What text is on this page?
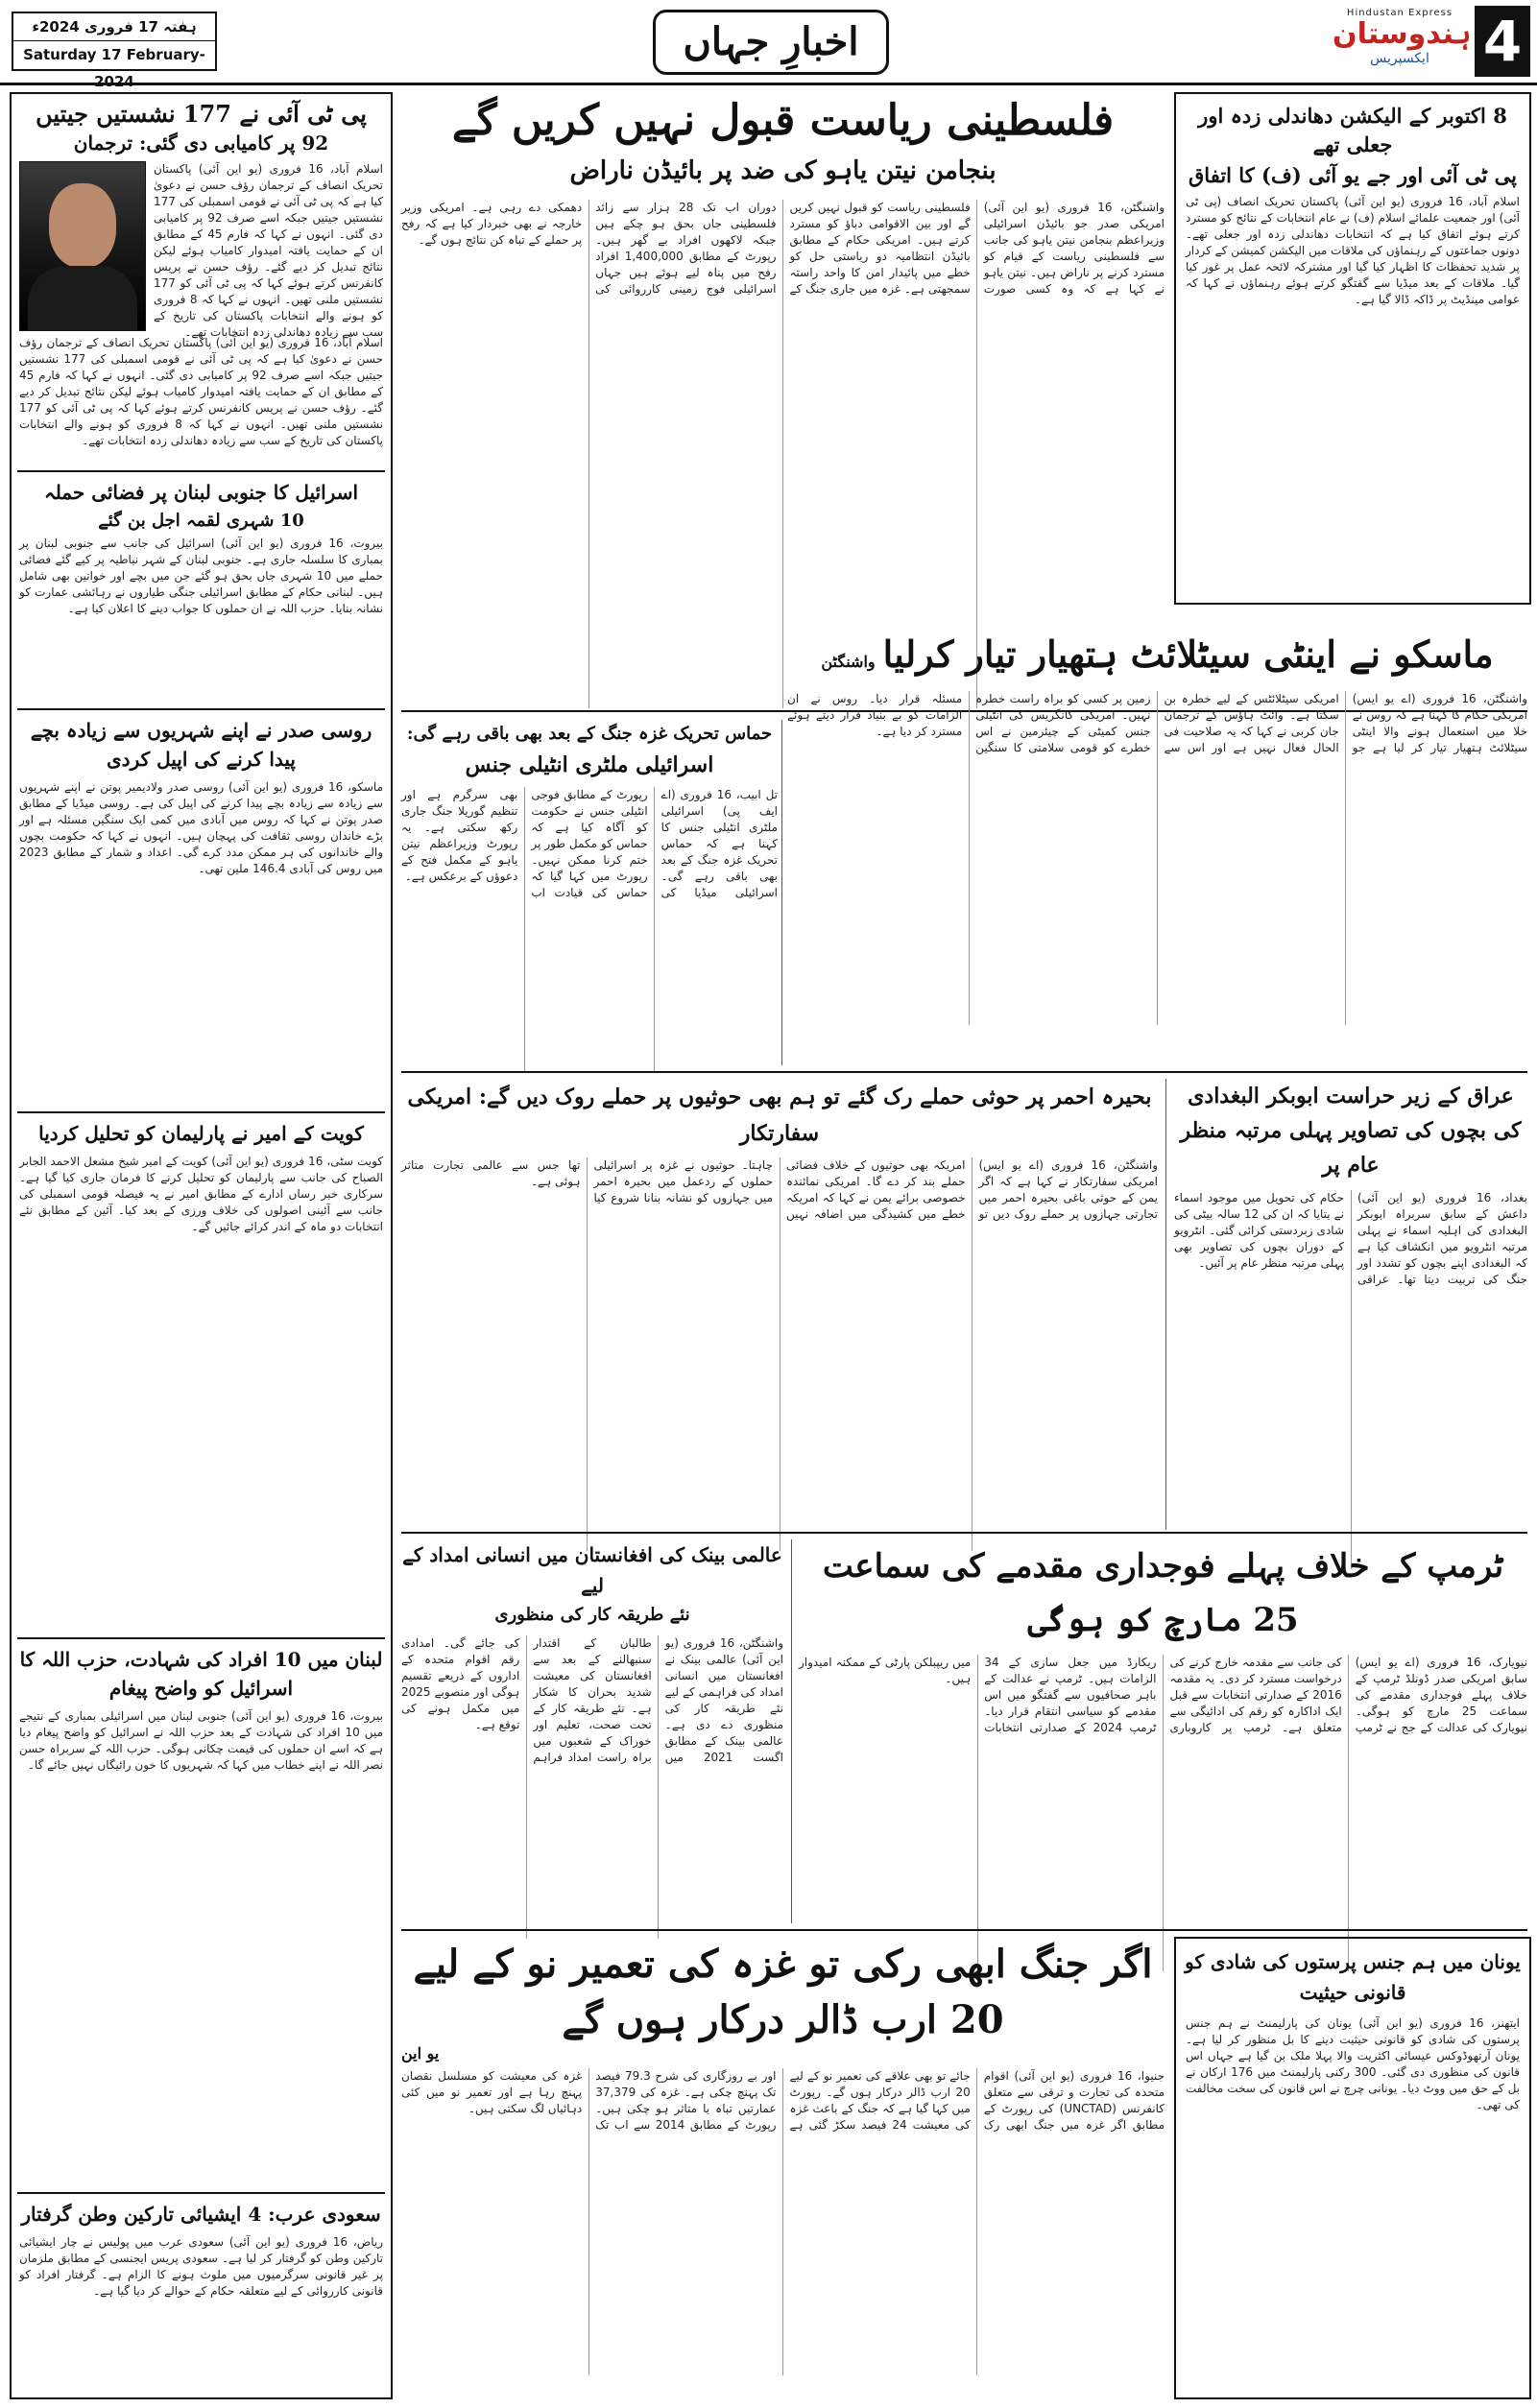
ہفتہ 17 فروری 2024ء
Saturday 17 February-2024
اخبارِ جہاں
Hindustan Express
ہندوستان
ایکسپریس 4
پی ٹی آئی نے 177 نشستیں جیتیں
92 پر کامیابی دی گئی: ترجمان
اسلام آباد، 16 فروری (یو این آئی) پاکستان تحریک انصاف کے ترجمان رؤف حسن نے دعویٰ کیا ہے کہ پی ٹی آئی نے قومی اسمبلی کی 177 نشستیں جیتیں جبکہ اسے صرف 92 پر کامیابی دی گئی۔ انہوں نے کہا کہ فارم 45 کے مطابق ان کے حمایت یافتہ امیدوار کامیاب ہوئے لیکن نتائج تبدیل کر دیے گئے۔ رؤف حسن نے پریس کانفرنس کرتے ہوئے کہا کہ پی ٹی آئی کو 177 نشستیں ملنی تھیں۔ انہوں نے کہا کہ 8 فروری کو ہونے والے انتخابات پاکستان کی تاریخ کے سب سے زیادہ دھاندلی زدہ انتخابات تھے۔
اسلام آباد، 16 فروری (یو این آئی) پاکستان تحریک انصاف کے ترجمان رؤف حسن نے دعویٰ کیا ہے کہ پی ٹی آئی نے قومی اسمبلی کی 177 نشستیں جیتیں جبکہ اسے صرف 92 پر کامیابی دی گئی۔ انہوں نے کہا کہ فارم 45 کے مطابق ان کے حمایت یافتہ امیدوار کامیاب ہوئے لیکن نتائج تبدیل کر دیے گئے۔ رؤف حسن نے پریس کانفرنس کرتے ہوئے کہا کہ پی ٹی آئی کو 177 نشستیں ملنی تھیں۔ انہوں نے کہا کہ 8 فروری کو ہونے والے انتخابات پاکستان کی تاریخ کے سب سے زیادہ دھاندلی زدہ انتخابات تھے۔
اسرائیل کا جنوبی لبنان پر فضائی حملہ
10 شہری لقمہ اجل بن گئے
بیروت، 16 فروری (یو این آئی) اسرائیل کی جانب سے جنوبی لبنان پر بمباری کا سلسلہ جاری ہے۔ جنوبی لبنان کے شہر نباطیہ پر کیے گئے فضائی حملے میں 10 شہری جاں بحق ہو گئے جن میں بچے اور خواتین بھی شامل ہیں۔ لبنانی حکام کے مطابق اسرائیلی جنگی طیاروں نے رہائشی عمارت کو نشانہ بنایا۔ حزب اللہ نے ان حملوں کا جواب دینے کا اعلان کیا ہے۔
روسی صدر نے اپنے شہریوں سے زیادہ بچے پیدا کرنے کی اپیل کردی
ماسکو، 16 فروری (یو این آئی) روسی صدر ولادیمیر پوتن نے اپنے شہریوں سے زیادہ سے زیادہ بچے پیدا کرنے کی اپیل کی ہے۔ روسی میڈیا کے مطابق صدر پوتن نے کہا کہ روس میں آبادی میں کمی ایک سنگین مسئلہ ہے اور بڑے خاندان روسی ثقافت کی پہچان ہیں۔ انہوں نے کہا کہ حکومت بچوں والے خاندانوں کی ہر ممکن مدد کرے گی۔ اعداد و شمار کے مطابق 2023 میں روس کی آبادی 146.4 ملین تھی۔
کویت کے امیر نے پارلیمان کو تحلیل کردیا
کویت سٹی، 16 فروری (یو این آئی) کویت کے امیر شیخ مشعل الاحمد الجابر الصباح کی جانب سے پارلیمان کو تحلیل کرنے کا فرمان جاری کیا گیا ہے۔ سرکاری خبر رساں ادارے کے مطابق امیر نے یہ فیصلہ قومی اسمبلی کی جانب سے آئینی اصولوں کی خلاف ورزی کے بعد کیا۔ آئین کے مطابق نئے انتخابات دو ماہ کے اندر کرائے جائیں گے۔
لبنان میں 10 افراد کی شہادت، حزب اللہ کا اسرائیل کو واضح پیغام
بیروت، 16 فروری (یو این آئی) جنوبی لبنان میں اسرائیلی بمباری کے نتیجے میں 10 افراد کی شہادت کے بعد حزب اللہ نے اسرائیل کو واضح پیغام دیا ہے کہ اسے ان حملوں کی قیمت چکانی ہوگی۔ حزب اللہ کے سربراہ حسن نصر اللہ نے اپنے خطاب میں کہا کہ شہریوں کا خون رائیگاں نہیں جائے گا۔
سعودی عرب: 4 ایشیائی تارکین وطن گرفتار
ریاض، 16 فروری (یو این آئی) سعودی عرب میں پولیس نے چار ایشیائی تارکین وطن کو گرفتار کر لیا ہے۔ سعودی پریس ایجنسی کے مطابق ملزمان پر غیر قانونی سرگرمیوں میں ملوث ہونے کا الزام ہے۔ گرفتار افراد کو قانونی کارروائی کے لیے متعلقہ حکام کے حوالے کر دیا گیا ہے۔
8 اکتوبر کے الیکشن دھاندلی زدہ اور جعلی تھے
پی ٹی آئی اور جے یو آئی (ف) کا اتفاق
اسلام آباد، 16 فروری (یو این آئی) پاکستان تحریک انصاف (پی ٹی آئی) اور جمعیت علمائے اسلام (ف) نے عام انتخابات کے نتائج کو مسترد کرتے ہوئے اتفاق کیا ہے کہ انتخابات دھاندلی زدہ اور جعلی تھے۔ دونوں جماعتوں کے رہنماؤں کی ملاقات میں الیکشن کمیشن کے کردار پر شدید تحفظات کا اظہار کیا گیا اور مشترکہ لائحہ عمل پر غور کیا گیا۔ ملاقات کے بعد میڈیا سے گفتگو کرتے ہوئے رہنماؤں نے کہا کہ عوامی مینڈیٹ پر ڈاکہ ڈالا گیا ہے۔
فلسطینی ریاست قبول نہیں کریں گے
بنجامن نیتن یاہو کی ضد پر بائیڈن ناراض
واشنگٹن، 16 فروری (یو این آئی) امریکی صدر جو بائیڈن اسرائیلی وزیراعظم بنجامن نیتن یاہو کی جانب سے فلسطینی ریاست کے قیام کو مسترد کرنے پر ناراض ہیں۔ نیتن یاہو نے کہا ہے کہ وہ کسی صورت فلسطینی ریاست کو قبول نہیں کریں گے اور بین الاقوامی دباؤ کو مسترد کرتے ہیں۔ امریکی حکام کے مطابق بائیڈن انتظامیہ دو ریاستی حل کو خطے میں پائیدار امن کا واحد راستہ سمجھتی ہے۔ غزہ میں جاری جنگ کے دوران اب تک 28 ہزار سے زائد فلسطینی جاں بحق ہو چکے ہیں جبکہ لاکھوں افراد بے گھر ہیں۔ رپورٹ کے مطابق 1,400,000 افراد رفح میں پناہ لیے ہوئے ہیں جہاں اسرائیلی فوج زمینی کارروائی کی دھمکی دے رہی ہے۔ امریکی وزیر خارجہ نے بھی خبردار کیا ہے کہ رفح پر حملے کے تباہ کن نتائج ہوں گے۔
ماسکو نے اینٹی سیٹلائٹ ہتھیار تیار کرلیا
واشنگٹن
واشنگٹن، 16 فروری (اے یو ایس) امریکی حکام کا کہنا ہے کہ روس نے خلا میں استعمال ہونے والا اینٹی سیٹلائٹ ہتھیار تیار کر لیا ہے جو امریکی سیٹلائٹس کے لیے خطرہ بن سکتا ہے۔ وائٹ ہاؤس کے ترجمان جان کربی نے کہا کہ یہ صلاحیت فی الحال فعال نہیں ہے اور اس سے زمین پر کسی کو براہ راست خطرہ نہیں۔ امریکی کانگریس کی انٹیلی جنس کمیٹی کے چیئرمین نے اس خطرے کو قومی سلامتی کا سنگین مسئلہ قرار دیا۔ روس نے ان الزامات کو بے بنیاد قرار دیتے ہوئے مسترد کر دیا ہے۔
حماس تحریک غزہ جنگ کے بعد بھی باقی رہے گی:
اسرائیلی ملٹری انٹیلی جنس
تل ابیب، 16 فروری (اے ایف پی) اسرائیلی ملٹری انٹیلی جنس کا کہنا ہے کہ حماس تحریک غزہ جنگ کے بعد بھی باقی رہے گی۔ اسرائیلی میڈیا کی رپورٹ کے مطابق فوجی انٹیلی جنس نے حکومت کو آگاہ کیا ہے کہ حماس کو مکمل طور پر ختم کرنا ممکن نہیں۔ رپورٹ میں کہا گیا کہ حماس کی قیادت اب بھی سرگرم ہے اور تنظیم گوریلا جنگ جاری رکھ سکتی ہے۔ یہ رپورٹ وزیراعظم نیتن یاہو کے مکمل فتح کے دعوؤں کے برعکس ہے۔
عراق کے زیر حراست ابوبکر البغدادی کی بچوں کی تصاویر پہلی مرتبہ منظر عام پر
بغداد، 16 فروری (یو این آئی) داعش کے سابق سربراہ ابوبکر البغدادی کی اہلیہ اسماء نے پہلی مرتبہ انٹرویو میں انکشاف کیا ہے کہ البغدادی اپنے بچوں کو تشدد اور جنگ کی تربیت دیتا تھا۔ عراقی حکام کی تحویل میں موجود اسماء نے بتایا کہ ان کی 12 سالہ بیٹی کی شادی زبردستی کرائی گئی۔ انٹرویو کے دوران بچوں کی تصاویر بھی پہلی مرتبہ منظر عام پر آئیں۔
بحیرہ احمر پر حوثی حملے رک گئے تو ہم بھی حوثیوں پر حملے روک دیں گے: امریکی سفارتکار
واشنگٹن، 16 فروری (اے یو ایس) امریکی سفارتکار نے کہا ہے کہ اگر یمن کے حوثی باغی بحیرہ احمر میں تجارتی جہازوں پر حملے روک دیں تو امریکہ بھی حوثیوں کے خلاف فضائی حملے بند کر دے گا۔ امریکی نمائندہ خصوصی برائے یمن نے کہا کہ امریکہ خطے میں کشیدگی میں اضافہ نہیں چاہتا۔ حوثیوں نے غزہ پر اسرائیلی حملوں کے ردعمل میں بحیرہ احمر میں جہازوں کو نشانہ بنانا شروع کیا تھا جس سے عالمی تجارت متاثر ہوئی ہے۔
ٹرمپ کے خلاف پہلے فوجداری مقدمے کی سماعت 25 مارچ کو ہوگی
نیویارک، 16 فروری (اے یو ایس) سابق امریکی صدر ڈونلڈ ٹرمپ کے خلاف پہلے فوجداری مقدمے کی سماعت 25 مارچ کو ہوگی۔ نیویارک کی عدالت کے جج نے ٹرمپ کی جانب سے مقدمہ خارج کرنے کی درخواست مسترد کر دی۔ یہ مقدمہ 2016 کے صدارتی انتخابات سے قبل ایک اداکارہ کو رقم کی ادائیگی سے متعلق ہے۔ ٹرمپ پر کاروباری ریکارڈ میں جعل سازی کے 34 الزامات ہیں۔ ٹرمپ نے عدالت کے باہر صحافیوں سے گفتگو میں اس مقدمے کو سیاسی انتقام قرار دیا۔ ٹرمپ 2024 کے صدارتی انتخابات میں ریپبلکن پارٹی کے ممکنہ امیدوار ہیں۔
عالمی بینک کی افغانستان میں انسانی امداد کے لیے
نئے طریقہ کار کی منظوری
واشنگٹن، 16 فروری (یو این آئی) عالمی بینک نے افغانستان میں انسانی امداد کی فراہمی کے لیے نئے طریقہ کار کی منظوری دے دی ہے۔ عالمی بینک کے مطابق اگست 2021 میں طالبان کے اقتدار سنبھالنے کے بعد سے افغانستان کی معیشت شدید بحران کا شکار ہے۔ نئے طریقہ کار کے تحت صحت، تعلیم اور خوراک کے شعبوں میں براہ راست امداد فراہم کی جائے گی۔ امدادی رقم اقوام متحدہ کے اداروں کے ذریعے تقسیم ہوگی اور منصوبے 2025 میں مکمل ہونے کی توقع ہے۔
یونان میں ہم جنس پرستوں کی شادی کو قانونی حیثیت
ایتھنز، 16 فروری (یو این آئی) یونان کی پارلیمنٹ نے ہم جنس پرستوں کی شادی کو قانونی حیثیت دینے کا بل منظور کر لیا ہے۔ یونان آرتھوڈوکس عیسائی اکثریت والا پہلا ملک بن گیا ہے جہاں اس قانون کی منظوری دی گئی۔ 300 رکنی پارلیمنٹ میں 176 ارکان نے بل کے حق میں ووٹ دیا۔ یونانی چرچ نے اس قانون کی سخت مخالفت کی تھی۔
اگر جنگ ابھی رکی تو غزہ کی تعمیر نو کے لیے 20 ارب ڈالر درکار ہوں گے
یو این
جنیوا، 16 فروری (یو این آئی) اقوام متحدہ کی تجارت و ترقی سے متعلق کانفرنس (UNCTAD) کی رپورٹ کے مطابق اگر غزہ میں جنگ ابھی رک جائے تو بھی علاقے کی تعمیر نو کے لیے 20 ارب ڈالر درکار ہوں گے۔ رپورٹ میں کہا گیا ہے کہ جنگ کے باعث غزہ کی معیشت 24 فیصد سکڑ گئی ہے اور بے روزگاری کی شرح 79.3 فیصد تک پہنچ چکی ہے۔ غزہ کی 37,379 عمارتیں تباہ یا متاثر ہو چکی ہیں۔ رپورٹ کے مطابق 2014 سے اب تک غزہ کی معیشت کو مسلسل نقصان پہنچ رہا ہے اور تعمیر نو میں کئی دہائیاں لگ سکتی ہیں۔
